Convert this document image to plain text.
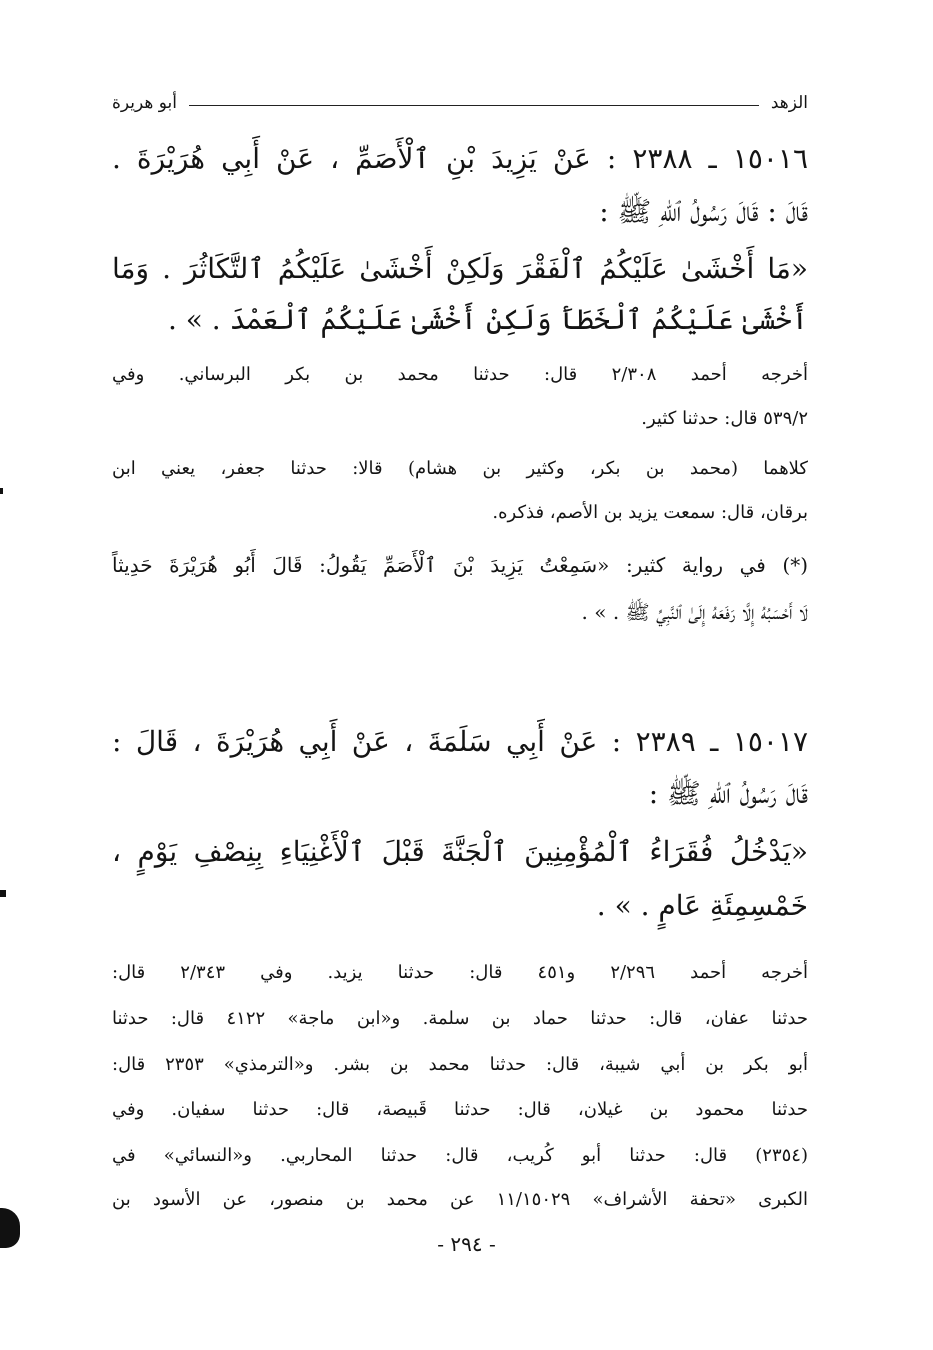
الزهد
أبو هريرة
١٥٠١٦ ـ ٢٣٨٨ : عَنْ يَزِيدَ بْنِ ٱلْأَصَمِّ ، عَنْ أَبِي هُرَيْرَةَ .
قَالَ : قَالَ رَسُولُ ٱللهِ ﷺ :
«مَا أَخْشَىٰ عَلَيْكُمُ ٱلْفَقْرَ وَلَكِنْ أَخْشَىٰ عَلَيْكُمُ ٱلتَّكَاثُرَ . وَمَا
أَخْشَىٰ عَلَيْكُمُ ٱلْخَطَأَ وَلَكِنْ أَخْشَىٰ عَلَيْكُمُ ٱلْعَمْدَ . » .
أخرجه أحمد ٢/٣٠٨ قال: حدثنا محمد بن بكر البرساني. وفي
٥٣٩/٢ قال: حدثنا كثير.
كلاهما (محمد بن بكر، وكثير بن هشام) قالا: حدثنا جعفر، يعني ابن
برقان، قال: سمعت يزيد بن الأصم، فذكره.
(*) في رواية كثير: «سَمِعْتُ يَزِيدَ بْنَ ٱلْأَصَمِّ يَقُولُ: قَالَ أَبُو هُرَيْرَةَ حَدِيثاً
لَا أَحْسَبُهُ إِلَّا رَفَعَهُ إِلَىٰ ٱلنَّبِيِّ ﷺ . » .
١٥٠١٧ ـ ٢٣٨٩ : عَنْ أَبِي سَلَمَةَ ، عَنْ أَبِي هُرَيْرَةَ ، قَالَ :
قَالَ رَسُولُ ٱللهِ ﷺ :
«يَدْخُلُ فُقَرَاءُ ٱلْمُؤْمِنِينَ ٱلْجَنَّةَ قَبْلَ ٱلْأَغْنِيَاءِ بِنِصْفِ يَوْمٍ ،
خَمْسِمِئَةِ عَامٍ . » .
أخرجه أحمد ٢/٢٩٦ و٤٥١ قال: حدثنا يزيد. وفي ٢/٣٤٣ قال:
حدثنا عفان، قال: حدثنا حماد بن سلمة. و«ابن ماجة» ٤١٢٢ قال: حدثنا
أبو بكر بن أبي شيبة، قال: حدثنا محمد بن بشر. و«الترمذي» ٢٣٥٣ قال:
حدثنا محمود بن غيلان، قال: حدثنا قَبيصة، قال: حدثنا سفيان. وفي
(٢٣٥٤) قال: حدثنا أبو كُريب، قال: حدثنا المحاربي. و«النسائي» في
الكبرى «تحفة الأشراف» ١١/١٥٠٢٩ عن محمد بن منصور، عن الأسود بن
- ٢٩٤ -
